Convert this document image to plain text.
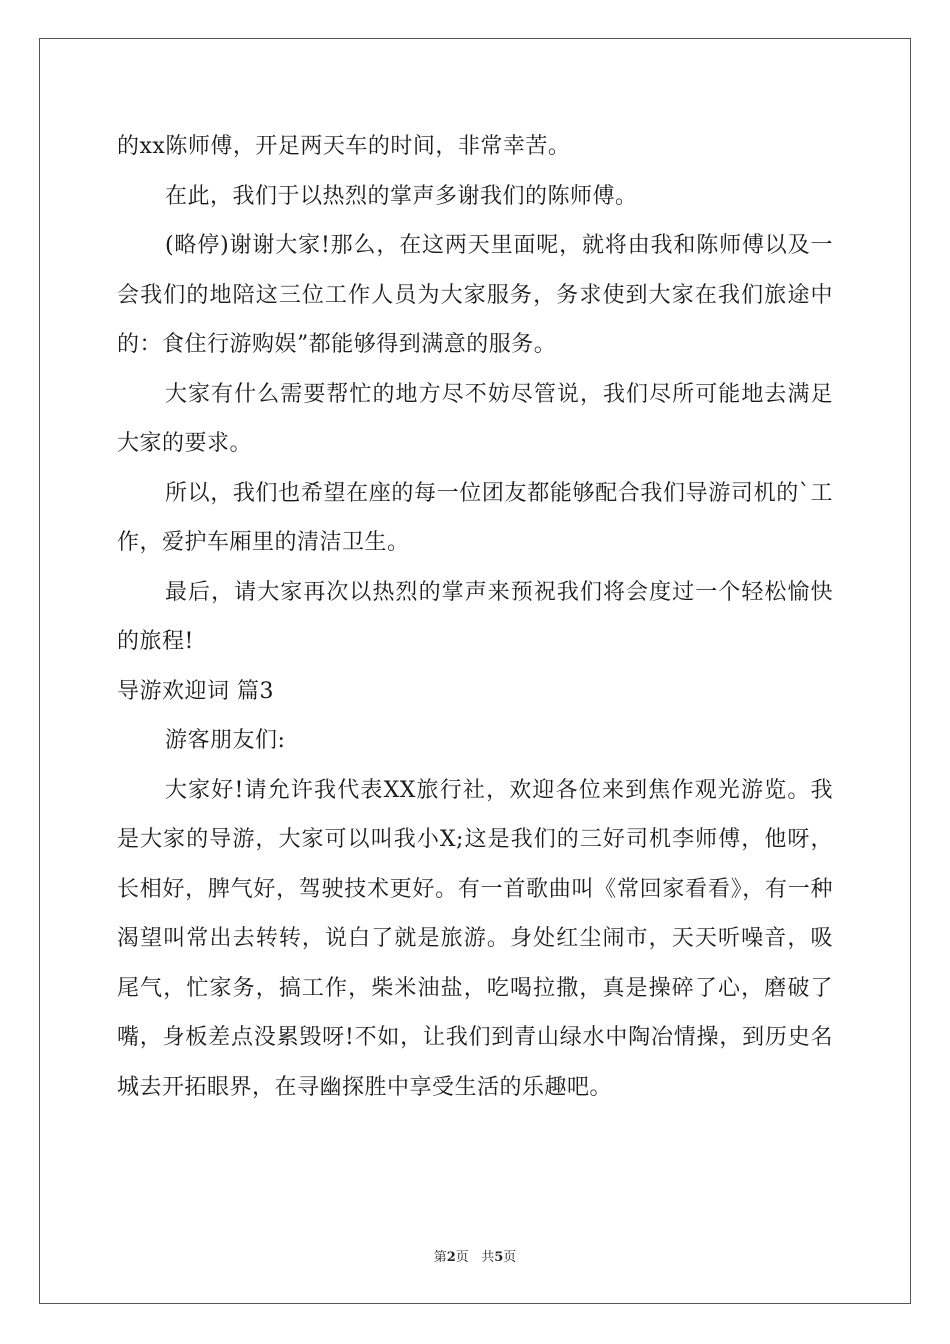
的xx陈师傅，开足两天车的时间，非常幸苦。

在此，我们于以热烈的掌声多谢我们的陈师傅。

(略停)谢谢大家!那么，在这两天里面呢，就将由我和陈师傅以及一会我们的地陪这三位工作人员为大家服务，务求使到大家在我们旅途中的：食住行游购娱”都能够得到满意的服务。

大家有什么需要帮忙的地方尽不妨尽管说，我们尽所可能地去满足大家的要求。

所以，我们也希望在座的每一位团友都能够配合我们导游司机的`工作，爱护车厢里的清洁卫生。

最后，请大家再次以热烈的掌声来预祝我们将会度过一个轻松愉快的旅程!

导游欢迎词 篇3

游客朋友们:

大家好!请允许我代表XX旅行社，欢迎各位来到焦作观光游览。我是大家的导游，大家可以叫我小X;这是我们的三好司机李师傅，他呀，长相好，脾气好，驾驶技术更好。有一首歌曲叫《常回家看看》，有一种渴望叫常出去转转，说白了就是旅游。身处红尘闹市，天天听噪音，吸尾气，忙家务，搞工作，柴米油盐，吃喝拉撒，真是操碎了心，磨破了嘴，身板差点没累毁呀!不如，让我们到青山绿水中陶冶情操，到历史名城去开拓眼界，在寻幽探胜中享受生活的乐趣吧。

第2页 共5页
